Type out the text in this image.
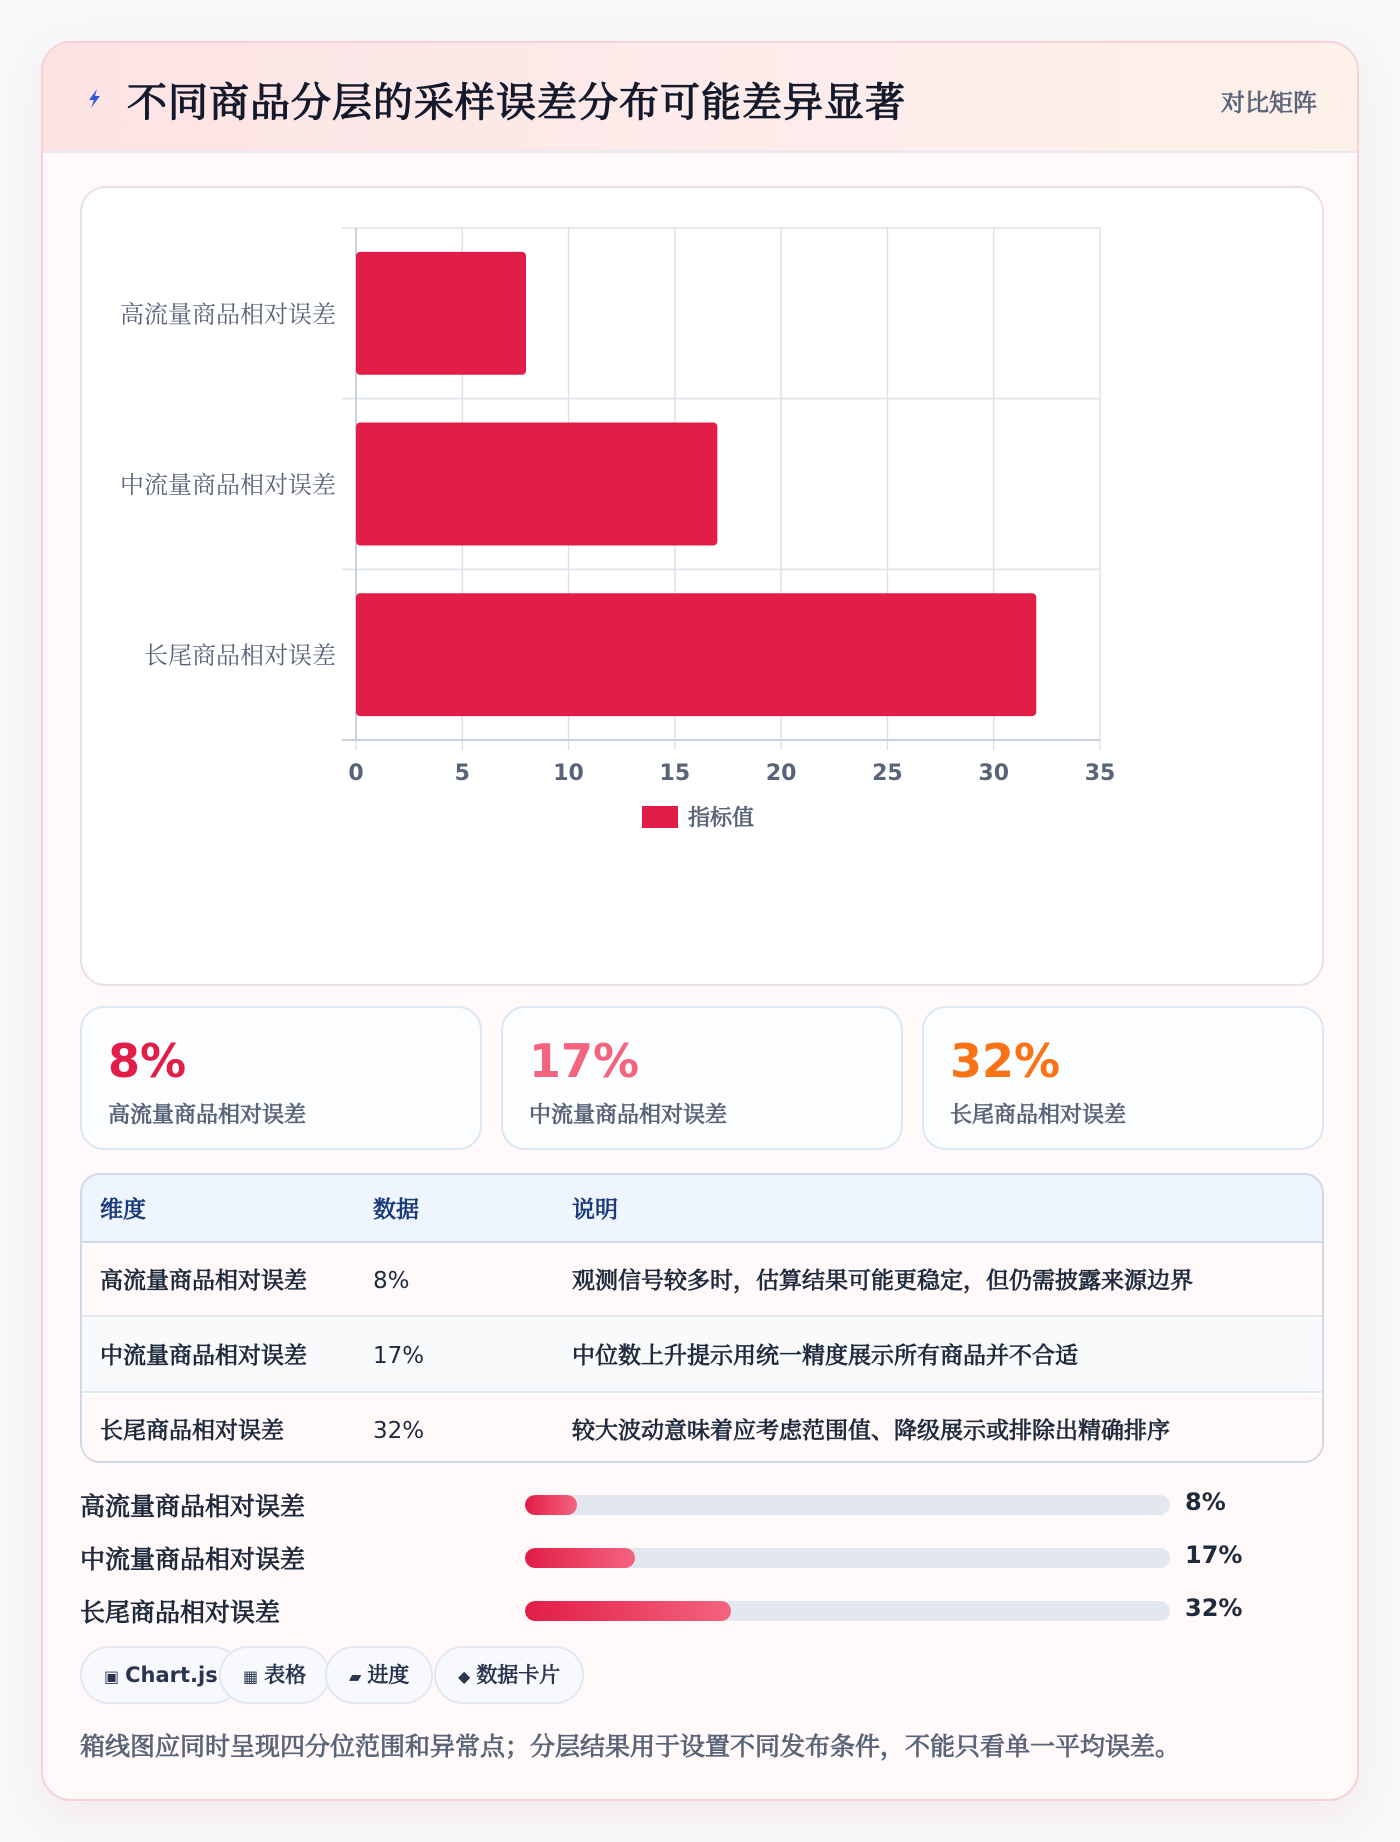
不同商品分层的采样误差分布可能差异显著	对比矩阵
高流量商品相对误差
中流量商品相对误差
长尾商品相对误差
0	5	10	15	20	25	30	35
指标值
8%
高流量商品相对误差
17%
中流量商品相对误差
32%
长尾商品相对误差
维度	数据	说明
高流量商品相对误差	8%	观测信号较多时，估算结果可能更稳定，但仍需披露来源边界
中流量商品相对误差	17%	中位数上升提示用统一精度展示所有商品并不合适
长尾商品相对误差	32%	较大波动意味着应考虑范围值、降级展示或排除出精确排序
高流量商品相对误差	8%
中流量商品相对误差	17%
长尾商品相对误差	32%
▣ Chart.js	▦ 表格	▰ 进度	◆ 数据卡片
箱线图应同时呈现四分位范围和异常点；分层结果用于设置不同发布条件，不能只看单一平均误差。
